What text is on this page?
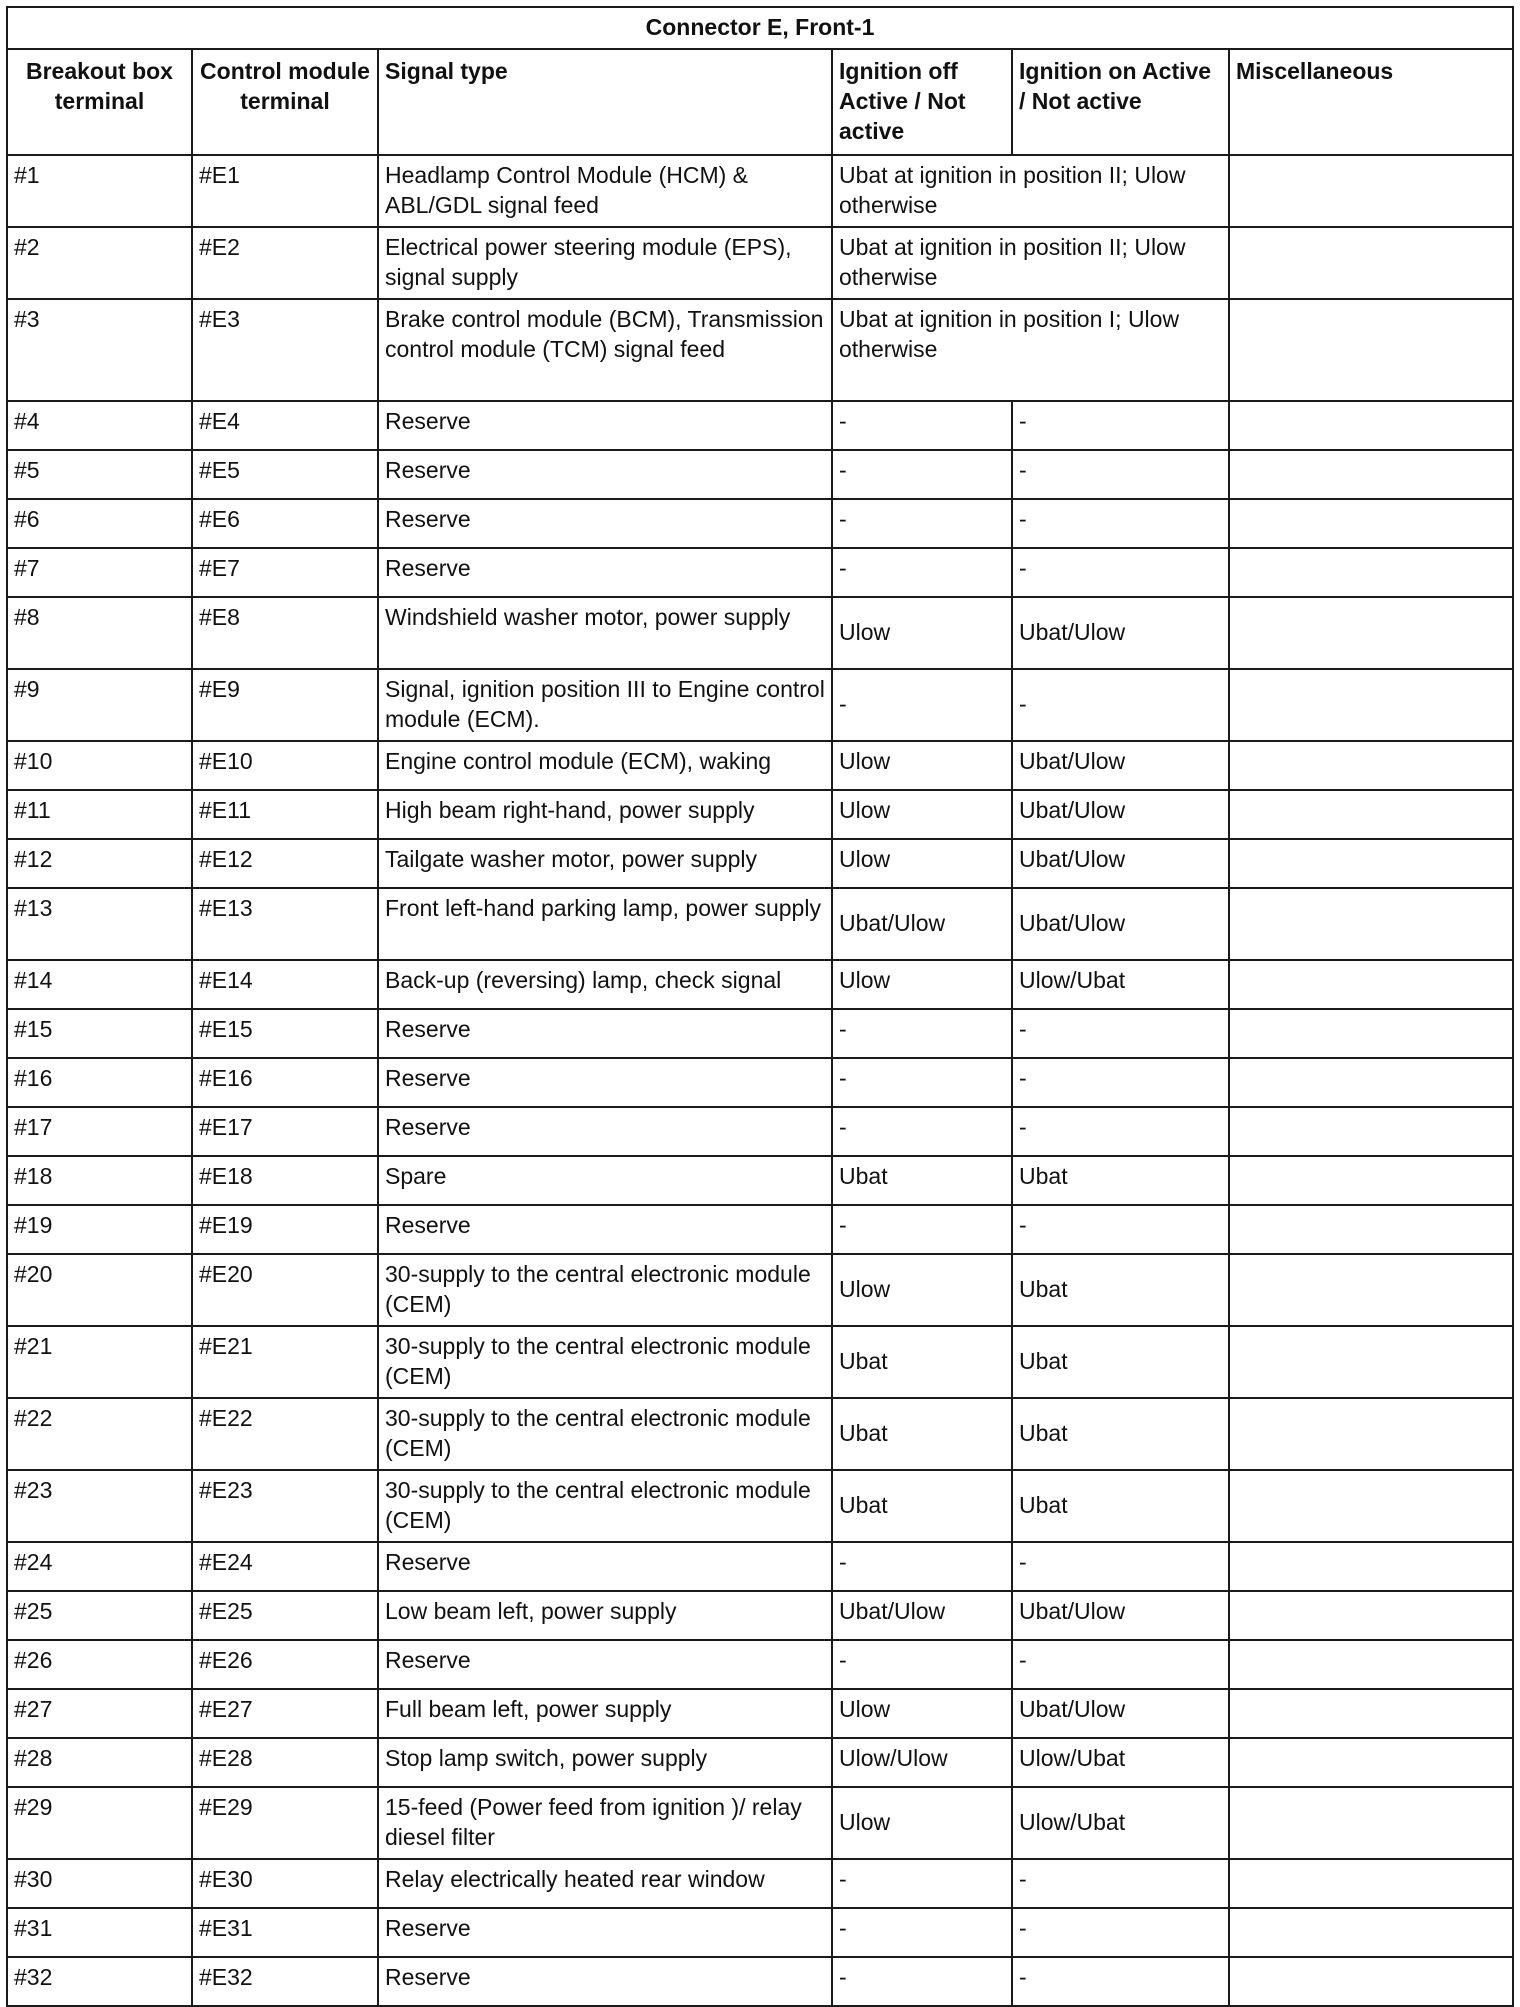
Connector E, Front-1					
Breakout box terminal	Control module terminal	Signal type	Ignition off Active / Not active	Ignition on Active / Not active	Miscellaneous
#1	#E1	Headlamp Control Module (HCM) & ABL/GDL signal feed	Ubat at ignition in position II; Ulow otherwise		
#2	#E2	Electrical power steering module (EPS), signal supply	Ubat at ignition in position II; Ulow otherwise		
#3	#E3	Brake control module (BCM), Transmission control module (TCM) signal feed	Ubat at ignition in position I; Ulow otherwise		
#4	#E4	Reserve	-	-	
#5	#E5	Reserve	-	-	
#6	#E6	Reserve	-	-	
#7	#E7	Reserve	-	-	
#8	#E8	Windshield washer motor, power supply	Ulow	Ubat/Ulow	
#9	#E9	Signal, ignition position III to Engine control module (ECM).	-	-	
#10	#E10	Engine control module (ECM), waking	Ulow	Ubat/Ulow	
#11	#E11	High beam right-hand, power supply	Ulow	Ubat/Ulow	
#12	#E12	Tailgate washer motor, power supply	Ulow	Ubat/Ulow	
#13	#E13	Front left-hand parking lamp, power supply	Ubat/Ulow	Ubat/Ulow	
#14	#E14	Back-up (reversing) lamp, check signal	Ulow	Ulow/Ubat	
#15	#E15	Reserve	-	-	
#16	#E16	Reserve	-	-	
#17	#E17	Reserve	-	-	
#18	#E18	Spare	Ubat	Ubat	
#19	#E19	Reserve	-	-	
#20	#E20	30-supply to the central electronic module (CEM)	Ulow	Ubat	
#21	#E21	30-supply to the central electronic module (CEM)	Ubat	Ubat	
#22	#E22	30-supply to the central electronic module (CEM)	Ubat	Ubat	
#23	#E23	30-supply to the central electronic module (CEM)	Ubat	Ubat	
#24	#E24	Reserve	-	-	
#25	#E25	Low beam left, power supply	Ubat/Ulow	Ubat/Ulow	
#26	#E26	Reserve	-	-	
#27	#E27	Full beam left, power supply	Ulow	Ubat/Ulow	
#28	#E28	Stop lamp switch, power supply	Ulow/Ulow	Ulow/Ubat	
#29	#E29	15-feed (Power feed from ignition )/ relay diesel filter	Ulow	Ulow/Ubat	
#30	#E30	Relay electrically heated rear window	-	-	
#31	#E31	Reserve	-	-	
#32	#E32	Reserve	-	-	
